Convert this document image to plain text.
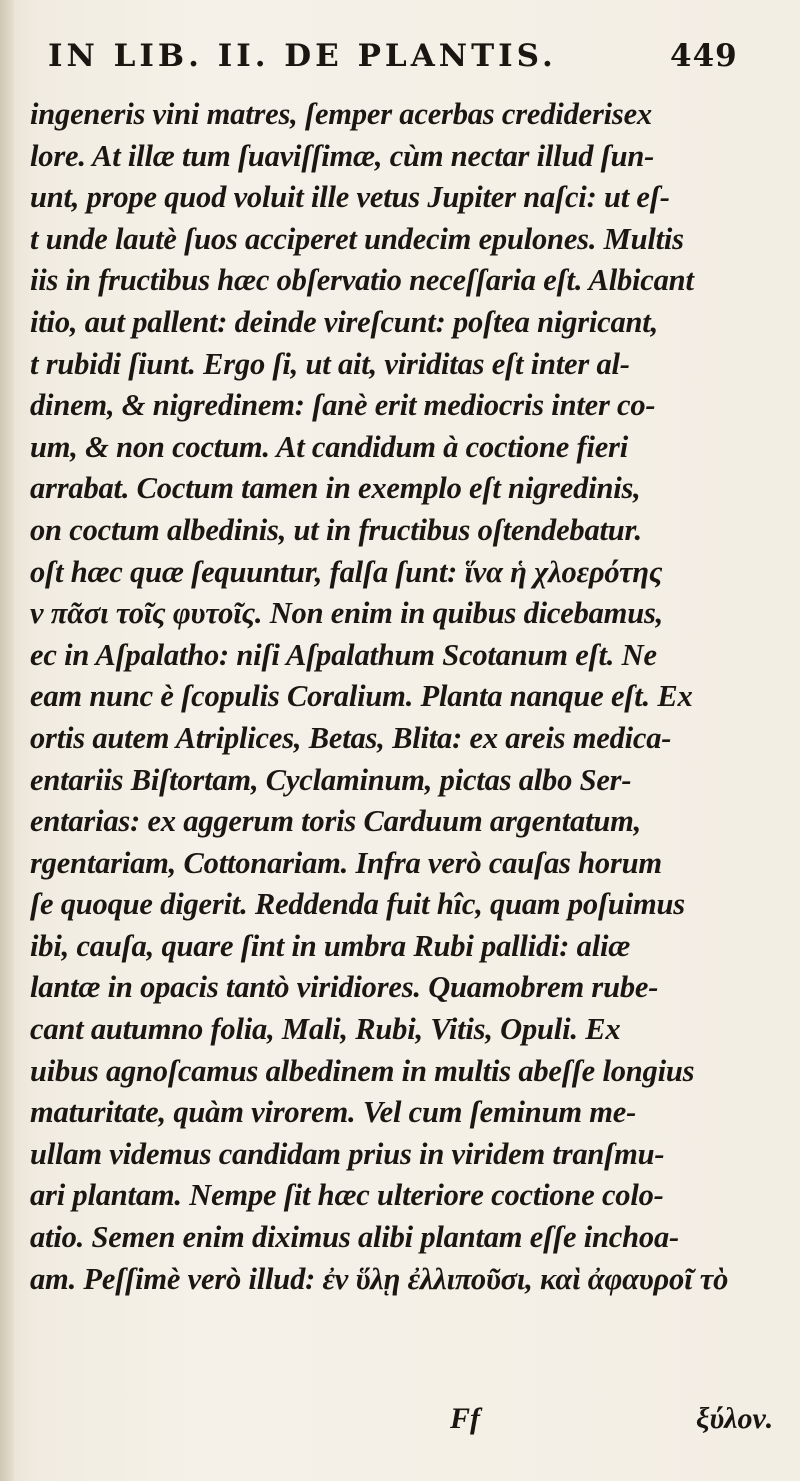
IN LIB. II. DE PLANTIS.	449
ingeneris vini matres, ſemper acerbas crediderisex
lore. At illæ tum ſuaviſſimæ, cùm nectar illud ſun-
unt, prope quod voluit ille vetus Jupiter naſci: ut eſ-
t unde lautè ſuos acciperet undecim epulones. Multis
iis in fructibus hæc obſervatio neceſſaria eſt. Albicant
itio, aut pallent: deinde vireſcunt: poſtea nigricant,
t rubidi ſiunt. Ergo ſi, ut ait, viriditas eſt inter al-
dinem, & nigredinem: ſanè erit mediocris inter co-
um, & non coctum. At candidum à coctione fieri
arrabat. Coctum tamen in exemplo eſt nigredinis,
on coctum albedinis, ut in fructibus oſtendebatur.
oſt hæc quæ ſequuntur, falſa ſunt: ἵνα ἡ χλοερότης
ν πᾶσι τοῖς φυτοῖς. Non enim in quibus dicebamus,
ec in Aſpalatho: niſi Aſpalathum Scotanum eſt. Ne
eam nunc è ſcopulis Coralium. Planta nanque eſt. Ex
ortis autem Atriplices, Betas, Blita: ex areis medica-
entariis Biſtortam, Cyclaminum, pictas albo Ser-
entarias: ex aggerum toris Carduum argentatum,
rgentariam, Cottonariam. Infra verò cauſas horum
ſe quoque digerit. Reddenda fuit hîc, quam poſuimus
ibi, cauſa, quare ſint in umbra Rubi pallidi: aliæ
lantæ in opacis tantò viridiores. Quamobrem rube-
cant autumno folia, Mali, Rubi, Vitis, Opuli. Ex
uibus agnoſcamus albedinem in multis abeſſe longius
maturitate, quàm virorem. Vel cum ſeminum me-
ullam videmus candidam prius in viridem tranſmu-
ari plantam. Nempe ſit hæc ulteriore coctione colo-
atio. Semen enim diximus alibi plantam eſſe inchoa-
am. Peſſimè verò illud: ἐν ὕλῃ ἐλλιποῦσι, καὶ ἀφαυροῖ τὸ
Ff	ξύλον.
